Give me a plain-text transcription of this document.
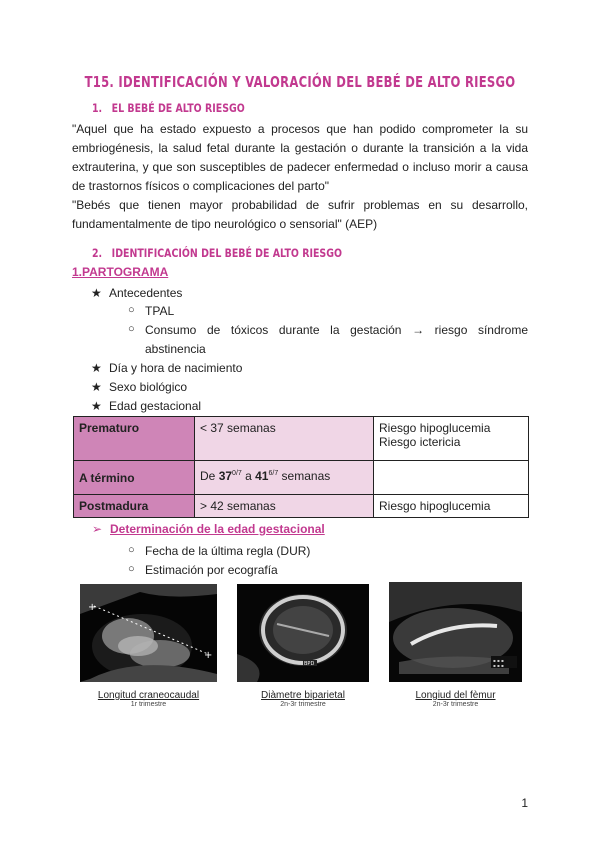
T15. IDENTIFICACIÓN Y VALORACIÓN DEL BEBÉ DE ALTO RIESGO
1. EL BEBÉ DE ALTO RIESGO
"Aquel que ha estado expuesto a procesos que han podido comprometer la su
embriogénesis, la salud fetal durante la gestación o durante la transición a la vida
extrauterina, y que son susceptibles de padecer enfermedad o incluso morir a causa
de trastornos físicos o complicaciones del parto"
"Bebés que tienen mayor probabilidad de sufrir problemas en su desarrollo,
fundamentalmente de tipo neurológico o sensorial" (AEP)
2. IDENTIFICACIÓN DEL BEBÉ DE ALTO RIESGO
1.PARTOGRAMA
★ Antecedentes
○ TPAL
○ Consumo de tóxicos durante la gestación → riesgo síndrome
abstinencia
★ Día y hora de nacimiento
★ Sexo biológico
★ Edad gestacional
Prematuro	< 37 semanas	Riesgo hipoglucemia
Riesgo ictericia
A término	De $37^{0/7}$ a $41^{6/7}$ semanas	
Postmadura	> 42 semanas	Riesgo hipoglucemia
➢ Determinación de la edad gestacional
○ Fecha de la última regla (DUR)
○ Estimación por ecografía
+
+
Longitud craneocaudal
1r trimestre
BPD
Diàmetre biparietal
2n-3r trimestre
▪ ▪ ▪
▪ ▪ ▪
Longiud del fèmur
2n-3r trimestre
1
